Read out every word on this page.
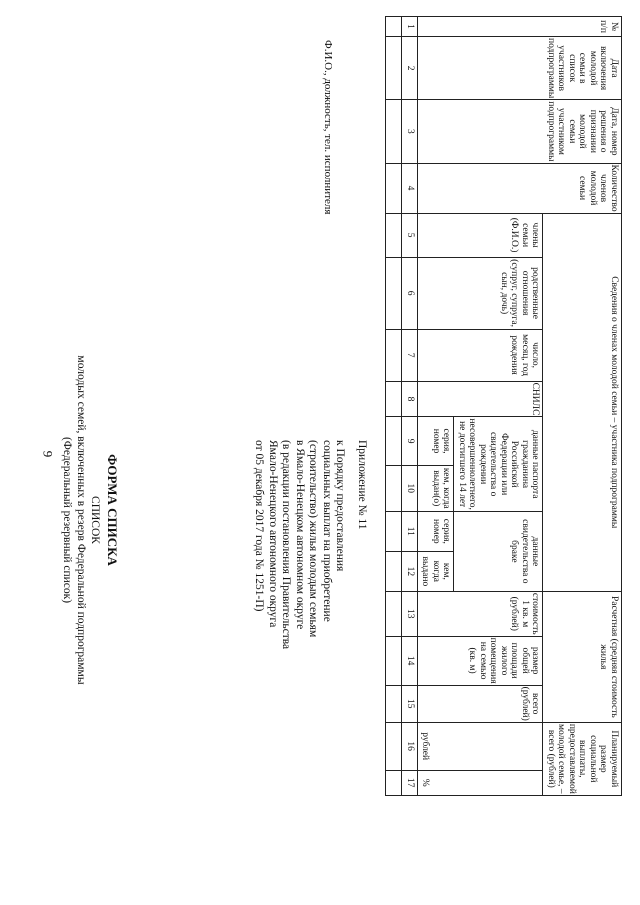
9	Приложение № 11
к Порядку предоставления
социальных выплат на приобретение
(строительство) жилья молодым семьям
в Ямало-Ненецком автономном округе
(в редакции постановления Правительства
Ямало-Ненецкого автономного округа
от 05 декабря 2017 года № 1251-П)
ФОРМА СПИСКА
СПИСОК
молодых семей, включенных в резерв Федеральной подпрограммы
(Федеральный резервный список)
№ п/п	Дата включения молодой семьи в список участников подпрограммы	Дата, номер решения о признании молодой семьи участником подпрограммы	Количество членов молодой семьи	Сведения о членах молодой семьи – участника подпрограммы								Расчетная (средняя стоимость жилья			Планируемый размер социальной выплаты, предоставляемой молодой семье, – всего (рублей)	
				члены семьи (Ф.И.О.)	родственные отношения (супруг, супруга, сын, дочь)	число, месяц, год рождения	СНИЛС	данные паспорта гражданина Российской Федерации или свидетельства о рождении несовершеннолетнего, не достигшего 14 лет		данные свидетельства о браке		стоимость 1 кв. м (рублей)	размер общей площади жилого помещения на семью (кв. м)	всего (рублей)	рублей	%
								серия, номер	кем, когда выдан(о)	серия, номер	кем, когда выдано					
1	2	3	4	5	6	7	8	9	10	11	12	13	14	15	16	17

Ф.И.О., должность, тел. исполнителя
